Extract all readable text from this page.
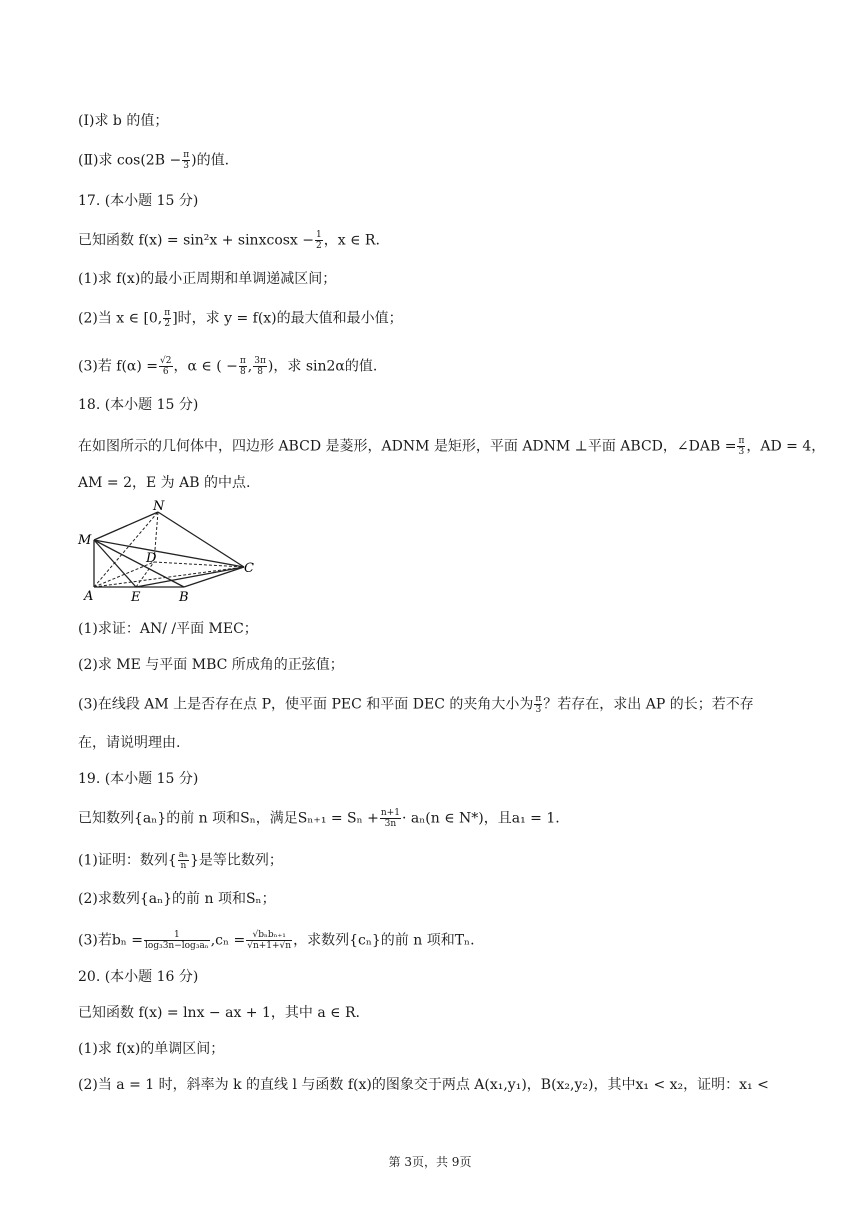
(Ⅰ)求 b 的值；
(Ⅱ)求 $\cos(2B - \frac{\pi}{3}$ )的值.
17. (本小题 15 分)
已知函数 f(x) = sin²x + sinxcosx − $\frac{1}{2}$ ，x ∈ R.
(1)求 f(x)的最小正周期和单调递减区间；
(2)当 x ∈ [0, $\frac{\pi}{2}$ ]时，求 y = f(x)的最大值和最小值；
(3)若 $f(\alpha) = \frac{√2}{6}$ ，α ∈ ( − $\frac{\pi}{8}$ , $\frac{3\pi}{8}$ )，求 sin2α的值.
18. (本小题 15 分)
在如图所示的几何体中，四边形 ABCD 是菱形，ADNM 是矩形，平面 ADNM ⊥平面 ABCD，∠DAB = $\frac{\pi}{3}$ ，AD = 4，
AM = 2，E 为 AB 的中点.
M
N
D
C
A	E	B
(1)求证：AN/ /平面 MEC；
(2)求 ME 与平面 MBC 所成角的正弦值；
(3)在线段 AM 上是否存在点 P，使平面 PEC 和平面 DEC 的夹角大小为 $\frac{\pi}{3}$ ？若存在，求出 AP 的长；若不存
在，请说明理由.
19. (本小题 15 分)
已知数列{aₙ}的前 n 项和Sₙ，满足$S_{n+1} = S_n + \frac{n+1}{3n} \cdot a_n(n$ ∈ N*)，且a₁ = 1.
(1)证明：数列{ $\frac{\text{aₙ}}{n}$ }是等比数列；
(2)求数列{aₙ}的前 n 项和Sₙ；
(3)若$b_n = \frac{1}{\text{log₃3n−log₃aₙ}} ,c_n = \frac{\text{√bₙbₙ₊₁}}{√n+1+√n}$ ，求数列{cₙ}的前 n 项和Tₙ.
20. (本小题 16 分)
已知函数 f(x) = lnx − ax + 1，其中 a ∈ R.
(1)求 f(x)的单调区间；
(2)当 a = 1 时，斜率为 k 的直线 l 与函数 f(x)的图象交于两点 A(x₁,y₁)，B(x₂,y₂)，其中x₁ < x₂，证明：x₁ <
第 3页，共 9页
